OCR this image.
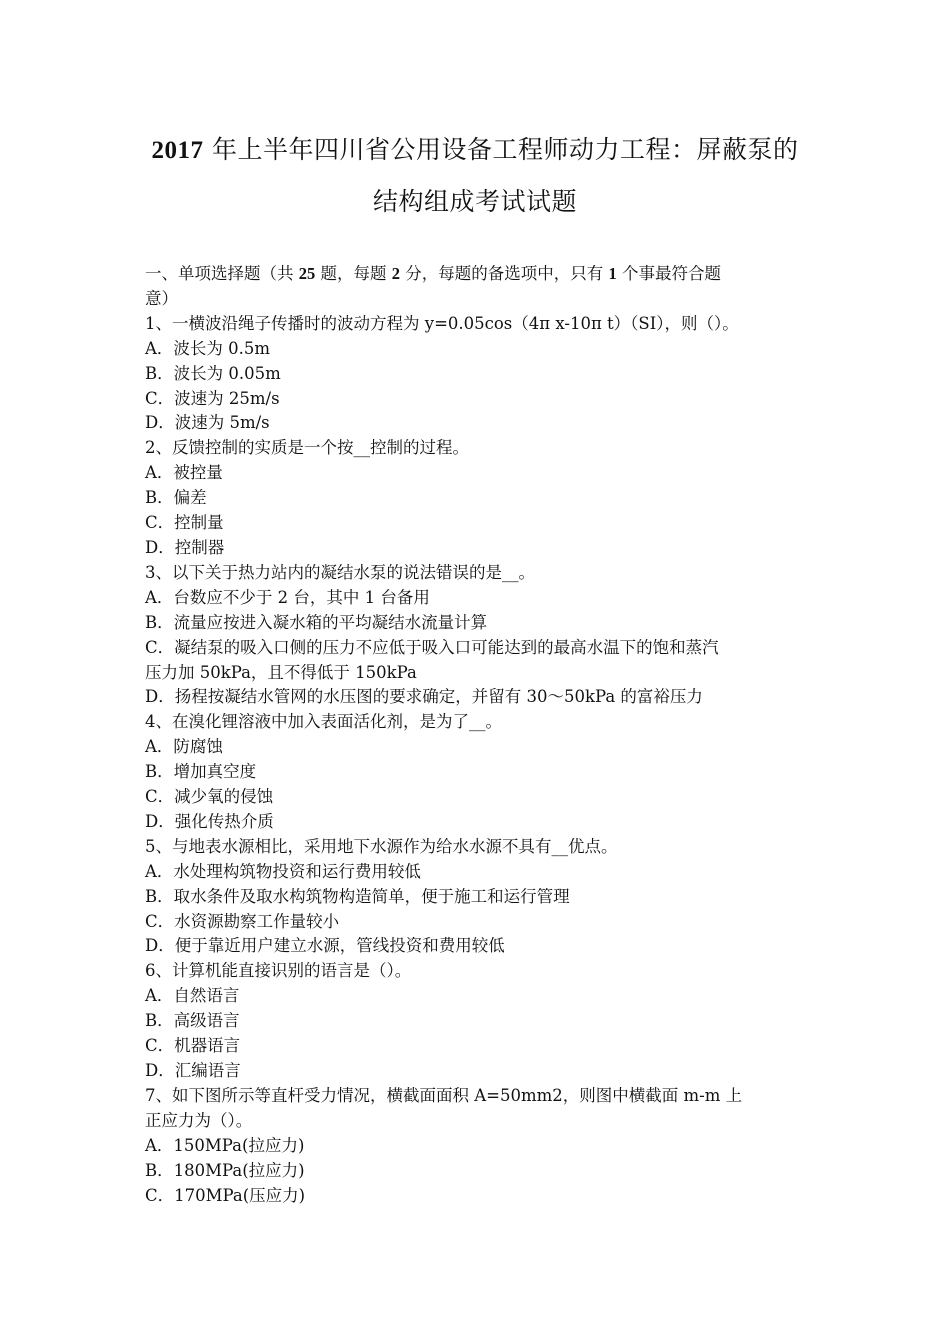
2017 年上半年四川省公用设备工程师动力工程：屏蔽泵的
结构组成考试试题

一、单项选择题（共 25 题，每题 2 分，每题的备选项中，只有 1 个事最符合题

意）

1、一横波沿绳子传播时的波动方程为 y=0.05cos（4π x-10π t）（SI），则（）。

A．波长为 0.5m

B．波长为 0.05m

C．波速为 25m/s

D．波速为 5m/s

2、反馈控制的实质是一个按__控制的过程。

A．被控量

B．偏差

C．控制量

D．控制器

3、以下关于热力站内的凝结水泵的说法错误的是__。

A．台数应不少于 2 台，其中 1 台备用

B．流量应按进入凝水箱的平均凝结水流量计算

C．凝结泵的吸入口侧的压力不应低于吸入口可能达到的最高水温下的饱和蒸汽

压力加 50kPa，且不得低于 150kPa

D．扬程按凝结水管网的水压图的要求确定，并留有 30～50kPa 的富裕压力

4、在溴化锂溶液中加入表面活化剂，是为了__。

A．防腐蚀

B．增加真空度

C．减少氧的侵蚀

D．强化传热介质

5、与地表水源相比，采用地下水源作为给水水源不具有__优点。

A．水处理构筑物投资和运行费用较低

B．取水条件及取水构筑物构造简单，便于施工和运行管理

C．水资源勘察工作量较小

D．便于靠近用户建立水源，管线投资和费用较低

6、计算机能直接识别的语言是（）。

A．自然语言

B．高级语言

C．机器语言

D．汇编语言

7、如下图所示等直杆受力情况，横截面面积 A=50mm2，则图中横截面 m-m 上

正应力为（）。

A．150MPa(拉应力)

B．180MPa(拉应力)

C．170MPa(压应力)
